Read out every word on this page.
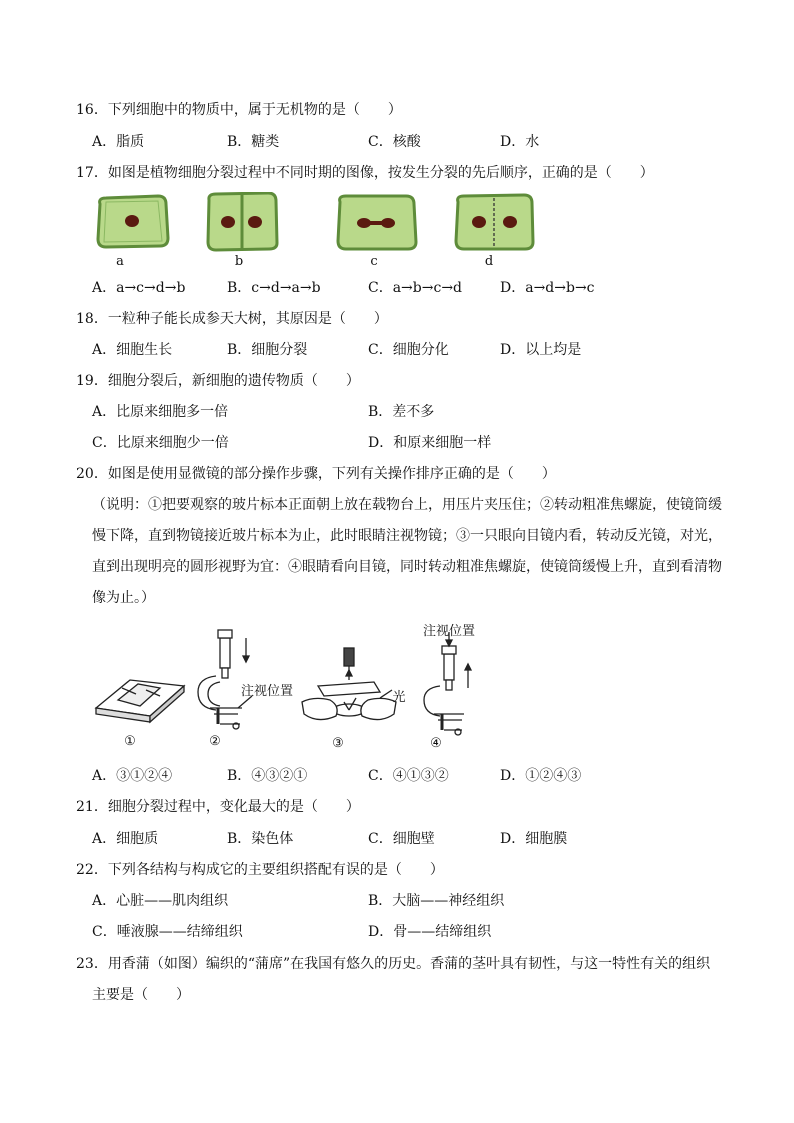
16．下列细胞中的物质中，属于无机物的是（　　）
A．脂质	B．糖类	C．核酸	D．水
17．如图是植物细胞分裂过程中不同时期的图像，按发生分裂的先后顺序，正确的是（　　）
a	b	c	d
A．a→c→d→b	B．c→d→a→b	C．a→b→c→d	D．a→d→b→c
18．一粒种子能长成参天大树，其原因是（　　）
A．细胞生长	B．细胞分裂	C．细胞分化	D．以上均是
19．细胞分裂后，新细胞的遗传物质（　　）
A．比原来细胞多一倍	B．差不多
C．比原来细胞少一倍	D．和原来细胞一样
20．如图是使用显微镜的部分操作步骤，下列有关操作排序正确的是（　　）
（说明：①把要观察的玻片标本正面朝上放在载物台上，用压片夹压住；②转动粗准焦螺旋，使镜筒缓慢下降，直到物镜接近玻片标本为止，此时眼睛注视物镜；③一只眼向目镜内看，转动反光镜，对光，直到出现明亮的圆形视野为宜：④眼睛看向目镜，同时转动粗准焦螺旋，使镜筒缓慢上升，直到看清物像为止。）
注视位置
注视位置
光
①	②	③	④
A．③①②④	B．④③②①	C．④①③②	D．①②④③
21．细胞分裂过程中，变化最大的是（　　）
A．细胞质	B．染色体	C．细胞壁	D．细胞膜
22．下列各结构与构成它的主要组织搭配有误的是（　　）
A．心脏——肌肉组织	B．大脑——神经组织
C．唾液腺——结缔组织	D．骨——结缔组织
23．用香蒲（如图）编织的“蒲席”在我国有悠久的历史。香蒲的茎叶具有韧性，与这一特性有关的组织
主要是（　　）
